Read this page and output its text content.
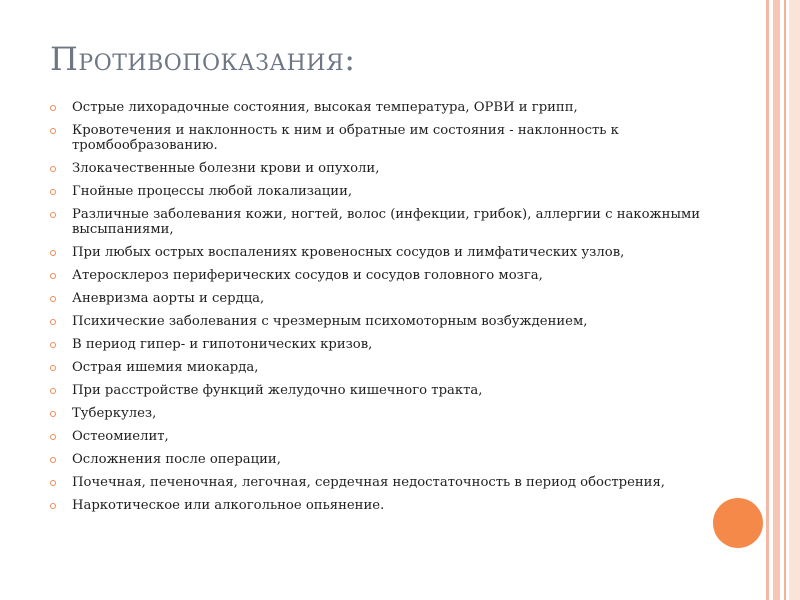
Противопоказания:
Острые лихорадочные состояния, высокая температура, ОРВИ и грипп,
Кровотечения и наклонность к ним и обратные им состояния - наклонность к тромбообразованию.
Злокачественные болезни крови и опухоли,
Гнойные процессы любой локализации,
Различные заболевания кожи, ногтей, волос (инфекции, грибок), аллергии с накожными высыпаниями,
При любых острых воспалениях кровеносных сосудов и лимфатических узлов,
Атеросклероз периферических сосудов и сосудов головного мозга,
Аневризма аорты и сердца,
Психические заболевания с чрезмерным психомоторным возбуждением,
В период гипер- и гипотонических кризов,
Острая ишемия миокарда,
При расстройстве функций желудочно кишечного тракта,
Туберкулез,
Остеомиелит,
Осложнения после операции,
Почечная, печеночная, легочная, сердечная недостаточность в период обострения,
Наркотическое или алкогольное опьянение.
